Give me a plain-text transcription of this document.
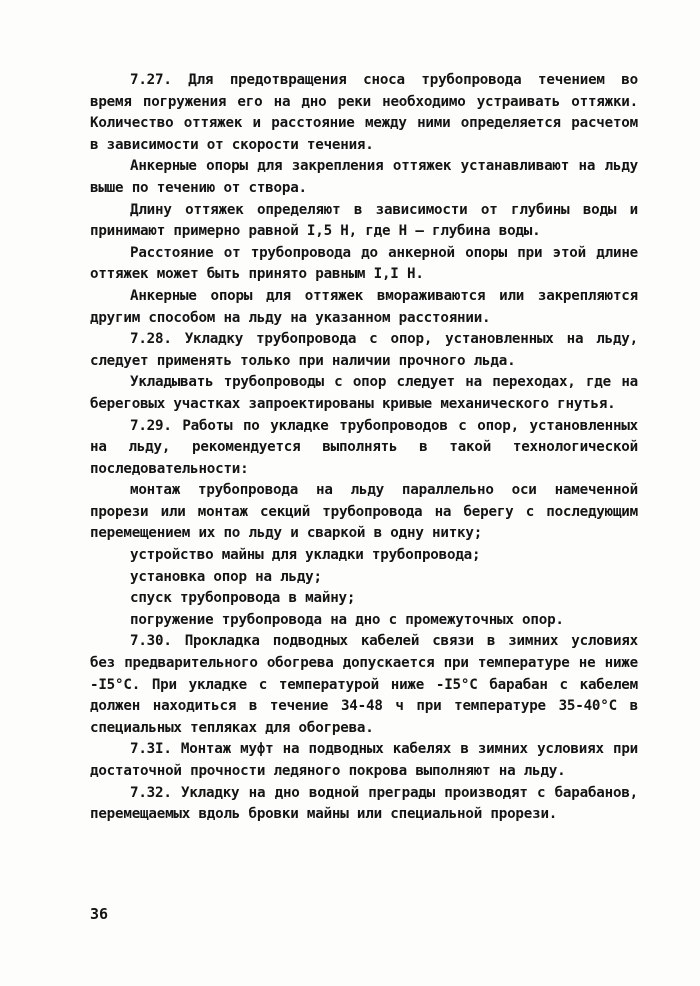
7.27. Для предотвращения сноса трубопровода течением во время погружения его на дно реки необходимо устраивать оттяжки. Количество оттяжек и расстояние между ними определяется расчетом в зависимости от скорости течения.

Анкерные опоры для закрепления оттяжек устанавливают на льду выше по течению от створа.

Длину оттяжек определяют в зависимости от глубины воды и принимают примерно равной I,5 Н, где Н – глубина воды.

Расстояние от трубопровода до анкерной опоры при этой длине оттяжек может быть принято равным I,I Н.

Анкерные опоры для оттяжек вмораживаются или закрепляются другим способом на льду на указанном расстоянии.

7.28. Укладку трубопровода с опор, установленных на льду, следует применять только при наличии прочного льда.

Укладывать трубопроводы с опор следует на переходах, где на береговых участках запроектированы кривые механического гнутья.

7.29. Работы по укладке трубопроводов с опор, установленных на льду, рекомендуется выполнять в такой технологической последовательности:

монтаж трубопровода на льду параллельно оси намеченной прорези или монтаж секций трубопровода на берегу с последующим перемещением их по льду и сваркой в одну нитку;

устройство майны для укладки трубопровода;

установка опор на льду;

спуск трубопровода в майну;

погружение трубопровода на дно с промежуточных опор.

7.30. Прокладка подводных кабелей связи в зимних условиях без предварительного обогрева допускается при температуре не ниже -I5°С. При укладке с температурой ниже -I5°С барабан с кабелем должен находиться в течение 34-48 ч при температуре 35-40°С в специальных тепляках для обогрева.

7.3I. Монтаж муфт на подводных кабелях в зимних условиях при достаточной прочности ледяного покрова выполняют на льду.

7.32. Укладку на дно водной преграды производят с барабанов, перемещаемых вдоль бровки майны или специальной прорези.

36
